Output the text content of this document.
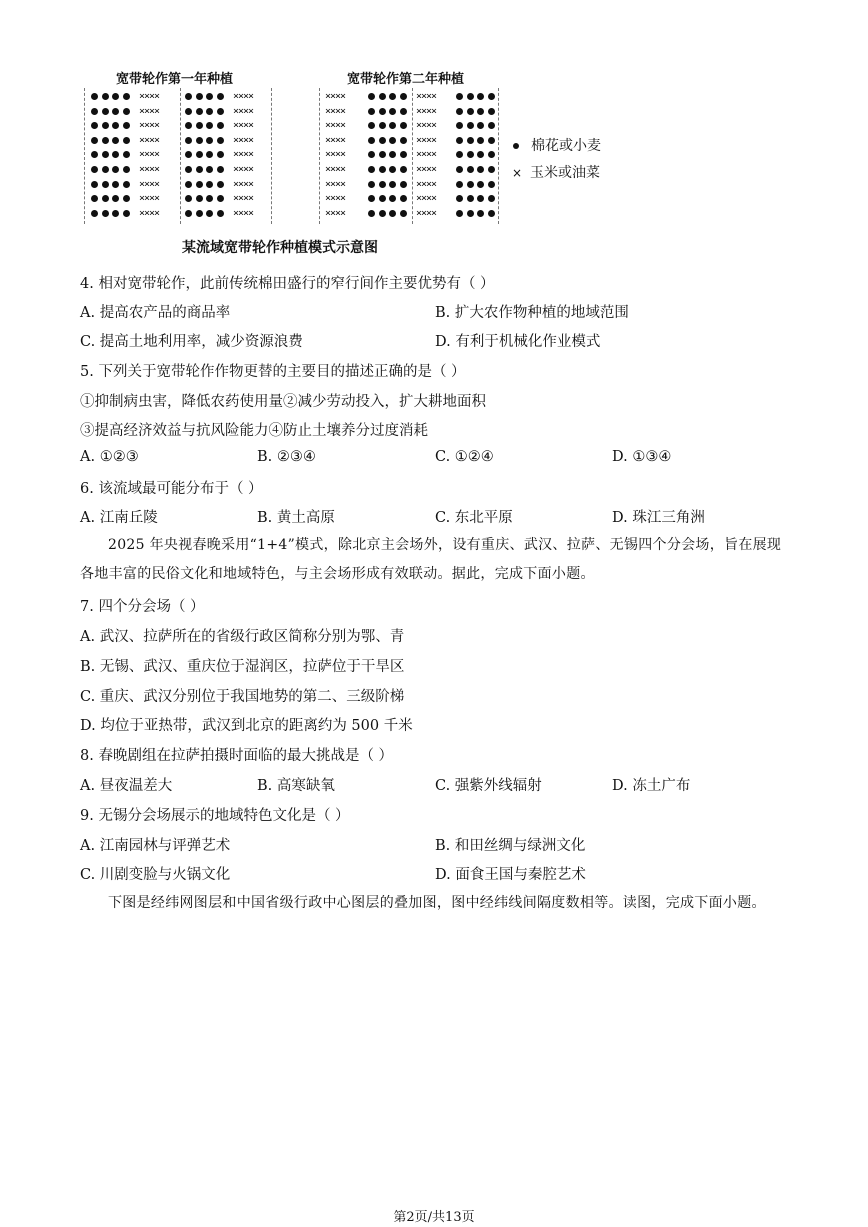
宽带轮作第一年种植	宽带轮作第二年种植
××××
××××
××××
××××
××××
××××
××××
××××
××××
××××
××××
××××
××××
××××
××××
××××
××××
××××
××××
××××
××××
××××
××××
××××
××××
××××
××××
××××
××××
××××
××××
××××
××××
××××
××××
××××
棉花或小麦
× 玉米或油菜
某流域宽带轮作种植模式示意图
4. 相对宽带轮作，此前传统棉田盛行的窄行间作主要优势有（ ）
A. 提高农产品的商品率	B. 扩大农作物种植的地域范围
C. 提高土地利用率，减少资源浪费	D. 有利于机械化作业模式
5. 下列关于宽带轮作作物更替的主要目的描述正确的是（ ）
①抑制病虫害，降低农药使用量②减少劳动投入，扩大耕地面积
③提高经济效益与抗风险能力④防止土壤养分过度消耗
A. ①②③	B. ②③④	C. ①②④	D. ①③④
6. 该流域最可能分布于（ ）
A. 江南丘陵	B. 黄土高原	C. 东北平原	D. 珠江三角洲
2025 年央视春晚采用“1+4”模式，除北京主会场外，设有重庆、武汉、拉萨、无锡四个分会场，旨在展现各地丰富的民俗文化和地域特色，与主会场形成有效联动。据此，完成下面小题。
7. 四个分会场（ ）
A. 武汉、拉萨所在的省级行政区简称分别为鄂、青
B. 无锡、武汉、重庆位于湿润区，拉萨位于干旱区
C. 重庆、武汉分别位于我国地势的第二、三级阶梯
D. 均位于亚热带，武汉到北京的距离约为 500 千米
8. 春晚剧组在拉萨拍摄时面临的最大挑战是（ ）
A. 昼夜温差大	B. 高寒缺氧	C. 强紫外线辐射	D. 冻土广布
9. 无锡分会场展示的地域特色文化是（ ）
A. 江南园林与评弹艺术	B. 和田丝绸与绿洲文化
C. 川剧变脸与火锅文化	D. 面食王国与秦腔艺术
下图是经纬网图层和中国省级行政中心图层的叠加图，图中经纬线间隔度数相等。读图，完成下面小题。
第2页/共13页
